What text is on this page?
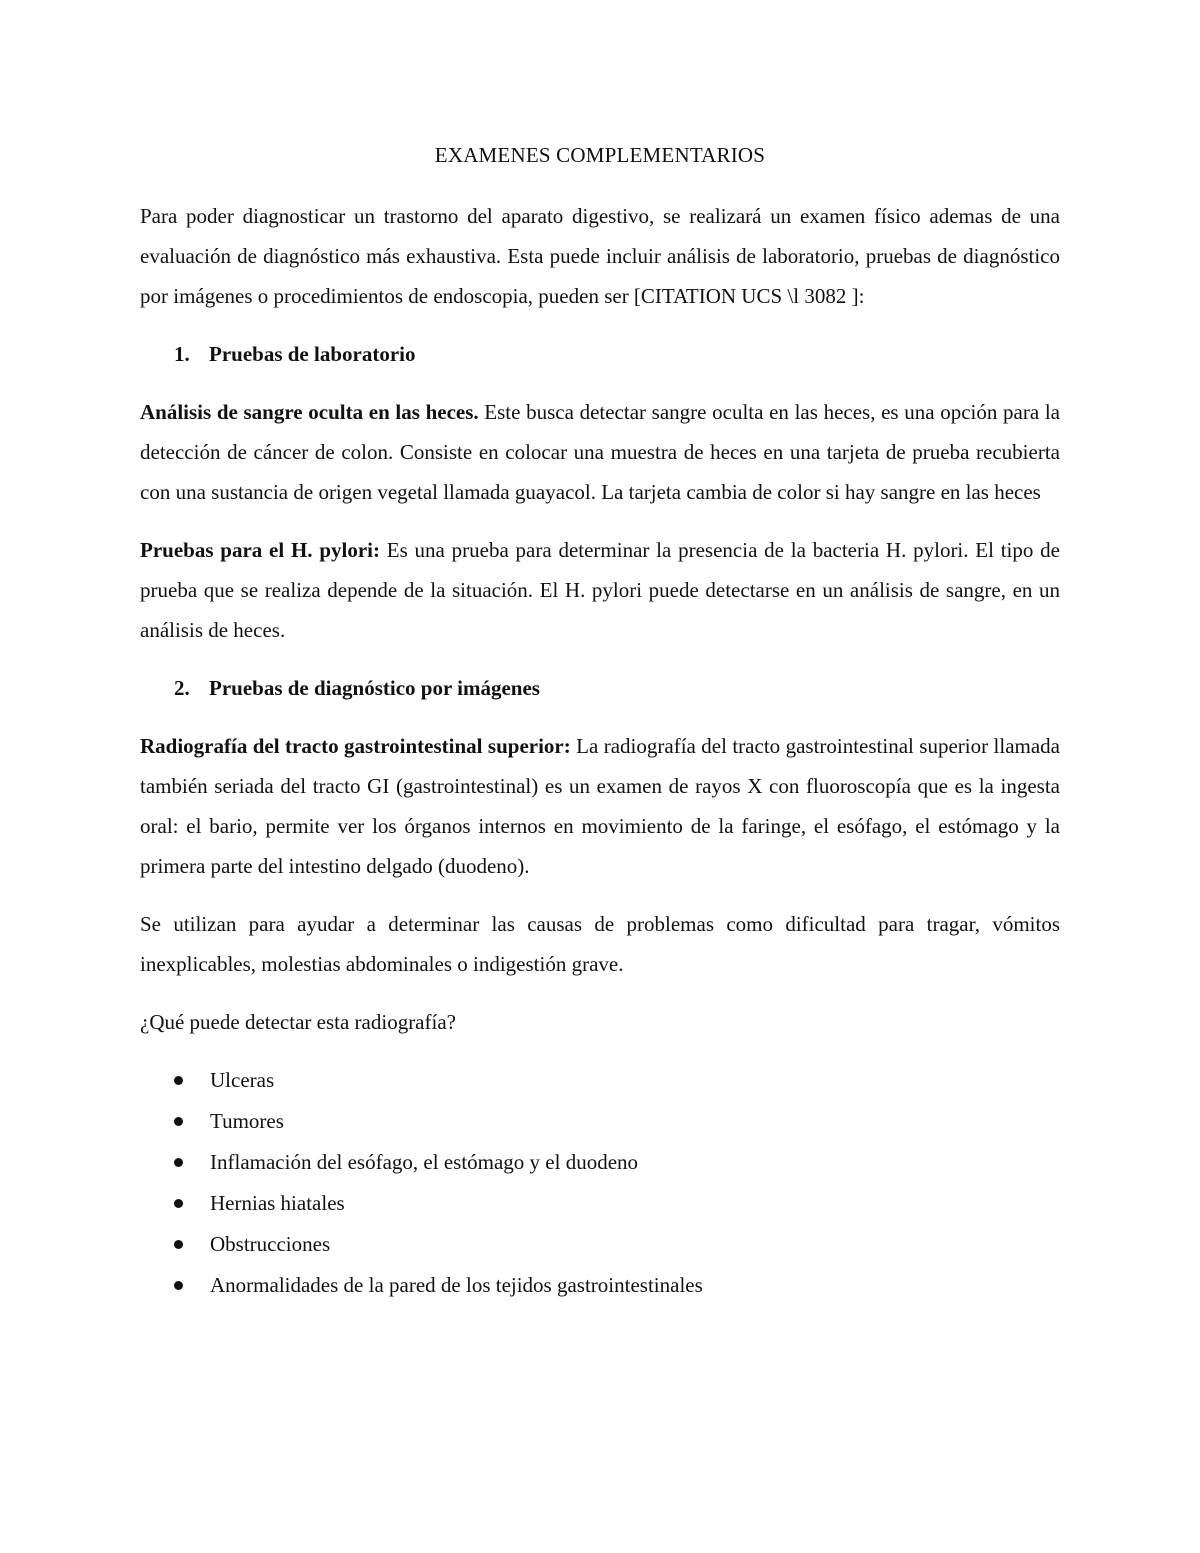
EXAMENES COMPLEMENTARIOS

Para poder diagnosticar un trastorno del aparato digestivo, se realizará un examen físico ademas de una evaluación de diagnóstico más exhaustiva. Esta puede incluir análisis de laboratorio, pruebas de diagnóstico por imágenes o procedimientos de endoscopia, pueden ser [CITATION UCS \l 3082 ]:

1. Pruebas de laboratorio

Análisis de sangre oculta en las heces. Este busca detectar sangre oculta en las heces, es una opción para la detección de cáncer de colon. Consiste en colocar una muestra de heces en una tarjeta de prueba recubierta con una sustancia de origen vegetal llamada guayacol. La tarjeta cambia de color si hay sangre en las heces

Pruebas para el H. pylori: Es una prueba para determinar la presencia de la bacteria H. pylori. El tipo de prueba que se realiza depende de la situación. El H. pylori puede detectarse en un análisis de sangre, en un análisis de heces.

2. Pruebas de diagnóstico por imágenes

Radiografía del tracto gastrointestinal superior: La radiografía del tracto gastrointestinal superior llamada también seriada del tracto GI (gastrointestinal) es un examen de rayos X con fluoroscopía que es la ingesta oral: el bario, permite ver los órganos internos en movimiento de la faringe, el esófago, el estómago y la primera parte del intestino delgado (duodeno).

Se utilizan para ayudar a determinar las causas de problemas como dificultad para tragar, vómitos inexplicables, molestias abdominales o indigestión grave.

¿Qué puede detectar esta radiografía?

Ulceras
Tumores
Inflamación del esófago, el estómago y el duodeno
Hernias hiatales
Obstrucciones
Anormalidades de la pared de los tejidos gastrointestinales
